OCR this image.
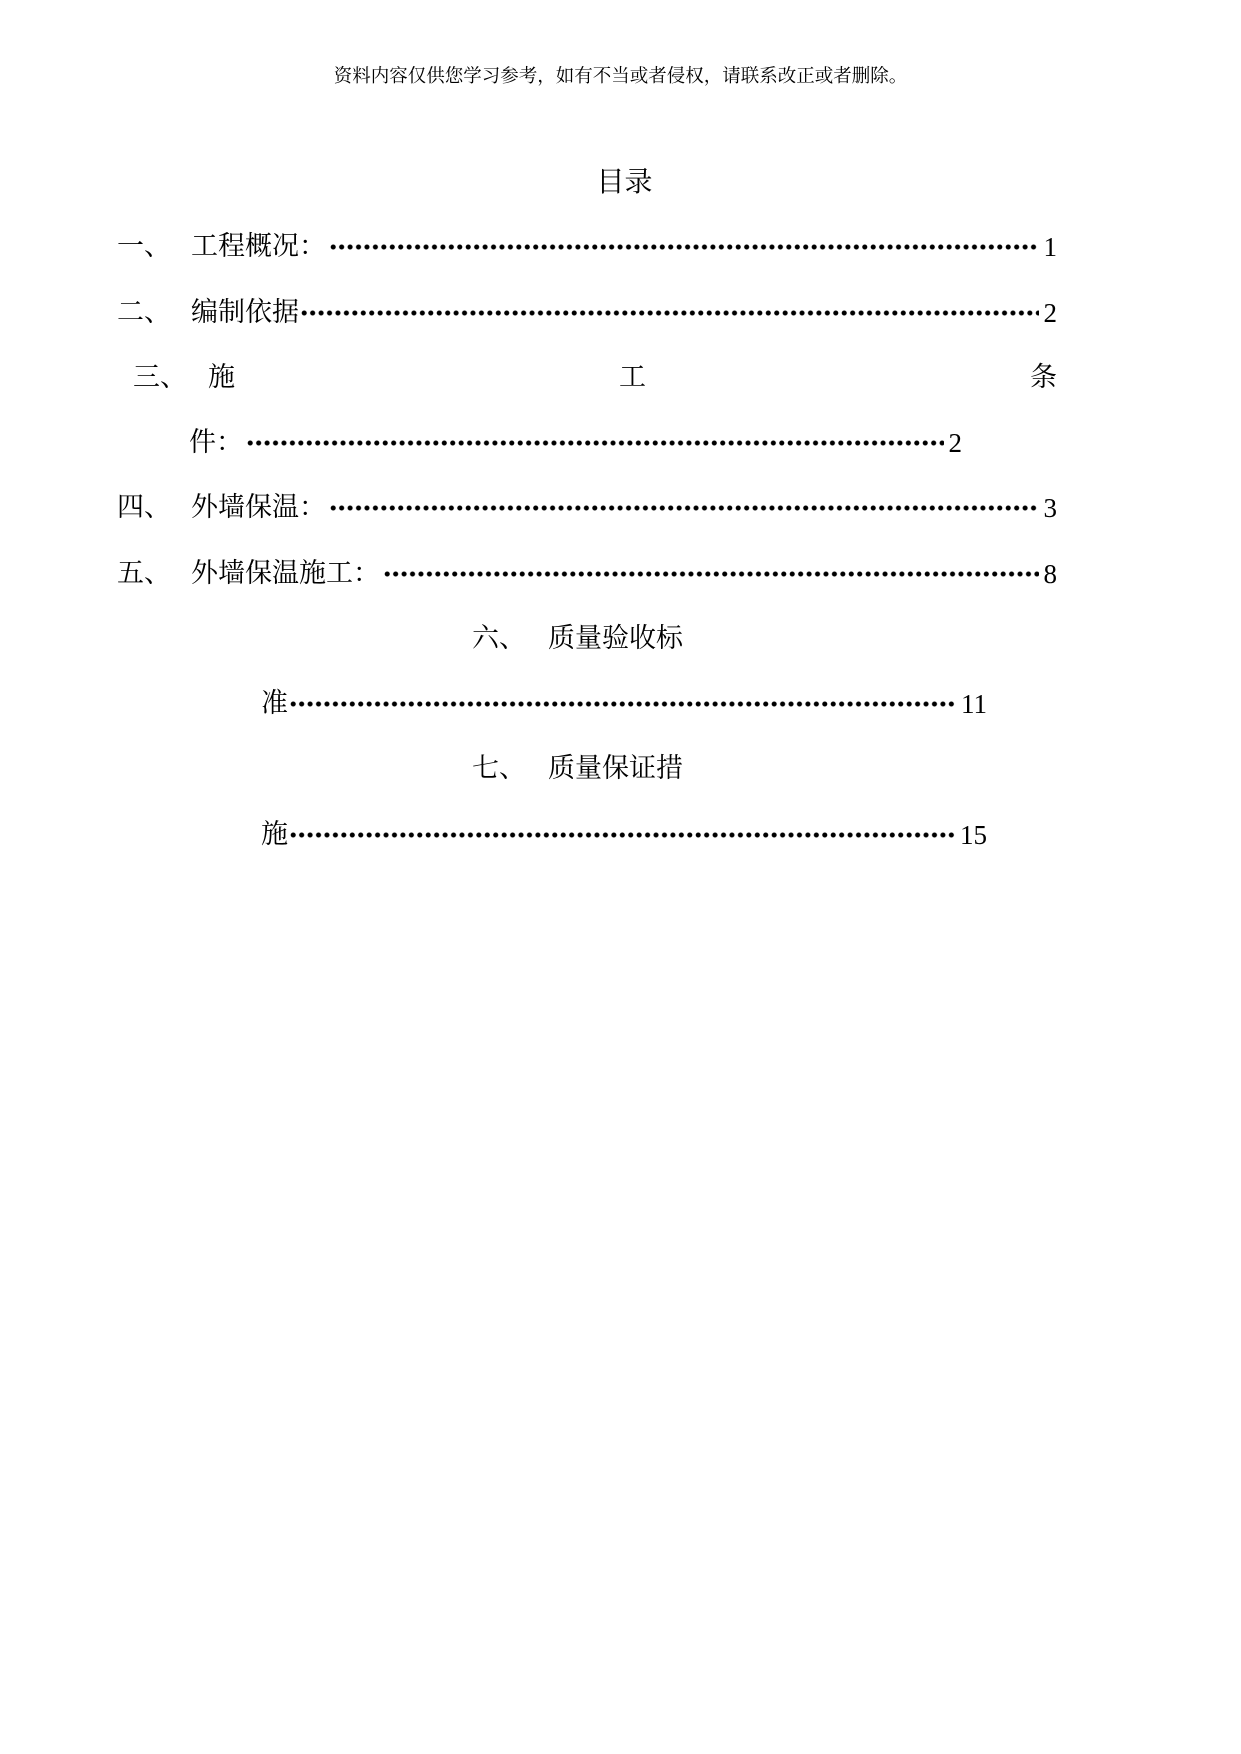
资料内容仅供您学习参考，如有不当或者侵权，请联系改正或者删除。
目录
一、 工程概况：	1
二、 编制依据	2
三、 施	工	条
件：	2
四、 外墙保温：	3
五、 外墙保温施工：	8
六、 质量验收标
准	11
七、 质量保证措
施	15
